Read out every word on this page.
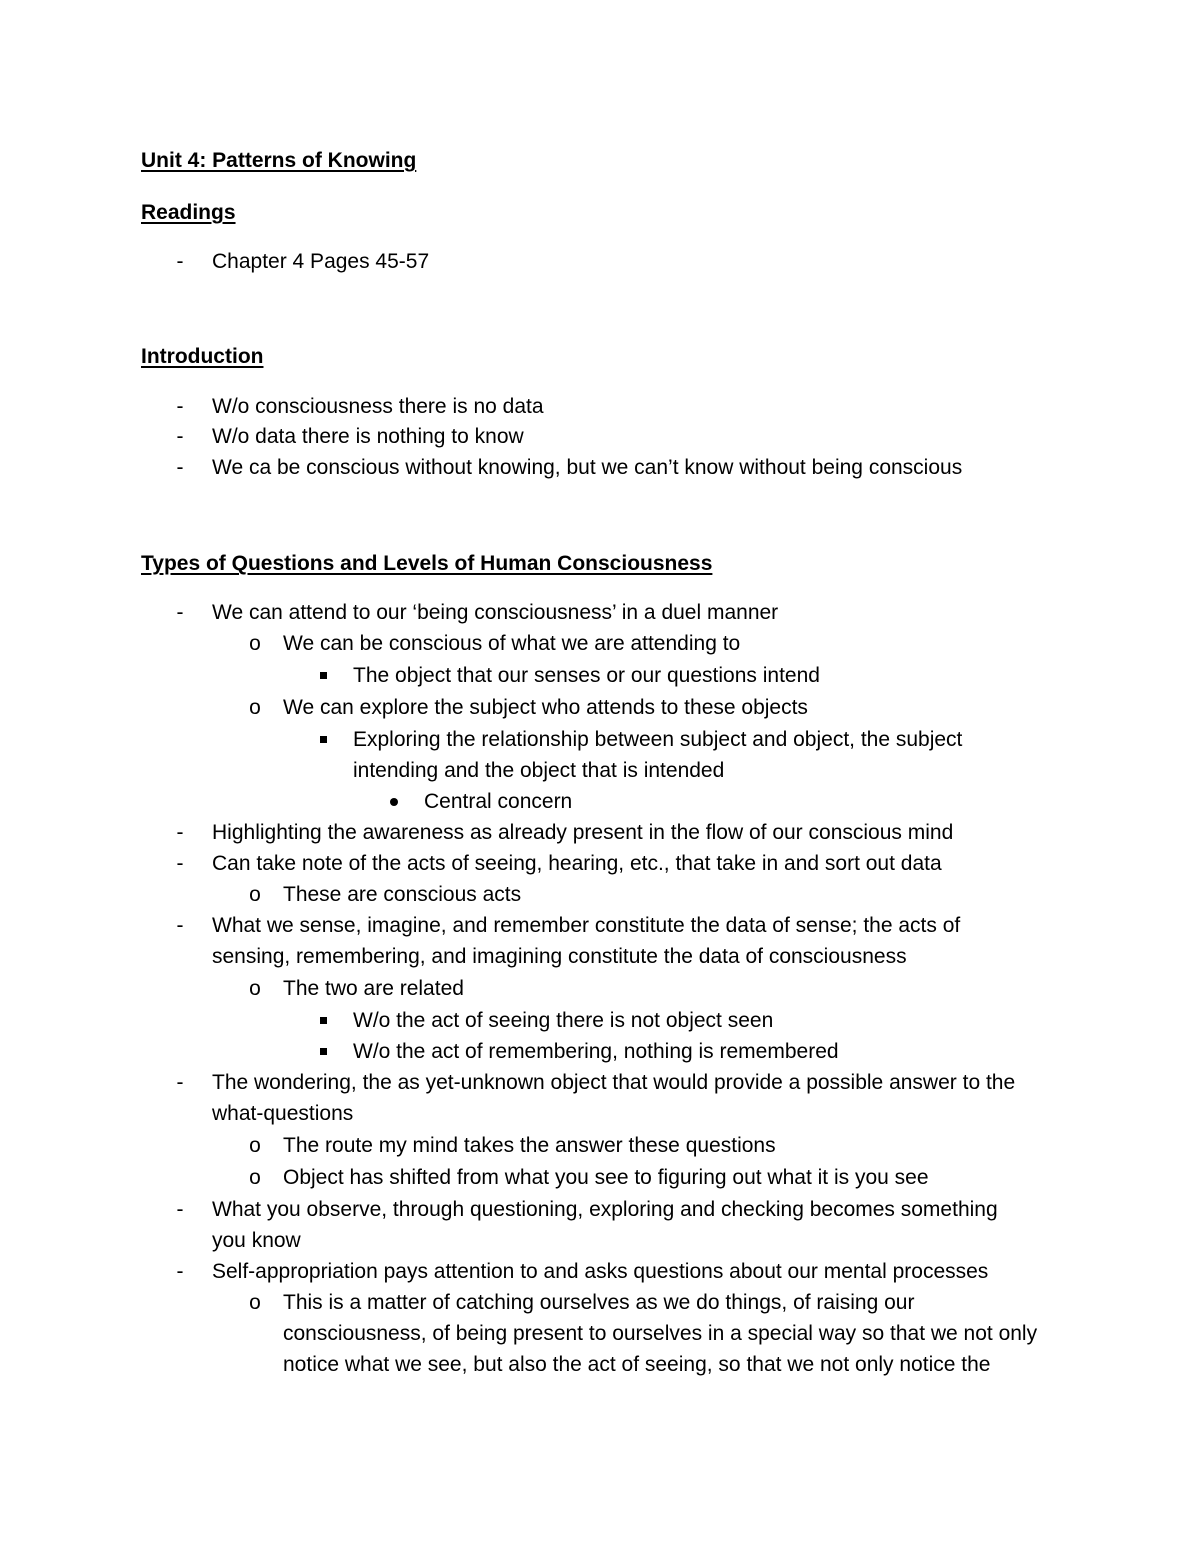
Unit 4: Patterns of Knowing
Readings
-	Chapter 4 Pages 45-57
Introduction
-	W/o consciousness there is no data
-	W/o data there is nothing to know
-	We ca be conscious without knowing, but we can’t know without being conscious
Types of Questions and Levels of Human Consciousness
-	We can attend to our ‘being consciousness’ in a duel manner
o We can be conscious of what we are attending to
The object that our senses or our questions intend
o We can explore the subject who attends to these objects
Exploring the relationship between subject and object, the subject
intending and the object that is intended
Central concern
-	Highlighting the awareness as already present in the flow of our conscious mind
-	Can take note of the acts of seeing, hearing, etc., that take in and sort out data
o These are conscious acts
-	What we sense, imagine, and remember constitute the data of sense; the acts of
sensing, remembering, and imagining constitute the data of consciousness
o The two are related
W/o the act of seeing there is not object seen
W/o the act of remembering, nothing is remembered
-	The wondering, the as yet-unknown object that would provide a possible answer to the
what-questions
o The route my mind takes the answer these questions
o Object has shifted from what you see to figuring out what it is you see
-	What you observe, through questioning, exploring and checking becomes something
you know
-	Self-appropriation pays attention to and asks questions about our mental processes
o This is a matter of catching ourselves as we do things, of raising our
consciousness, of being present to ourselves in a special way so that we not only
notice what we see, but also the act of seeing, so that we not only notice the
